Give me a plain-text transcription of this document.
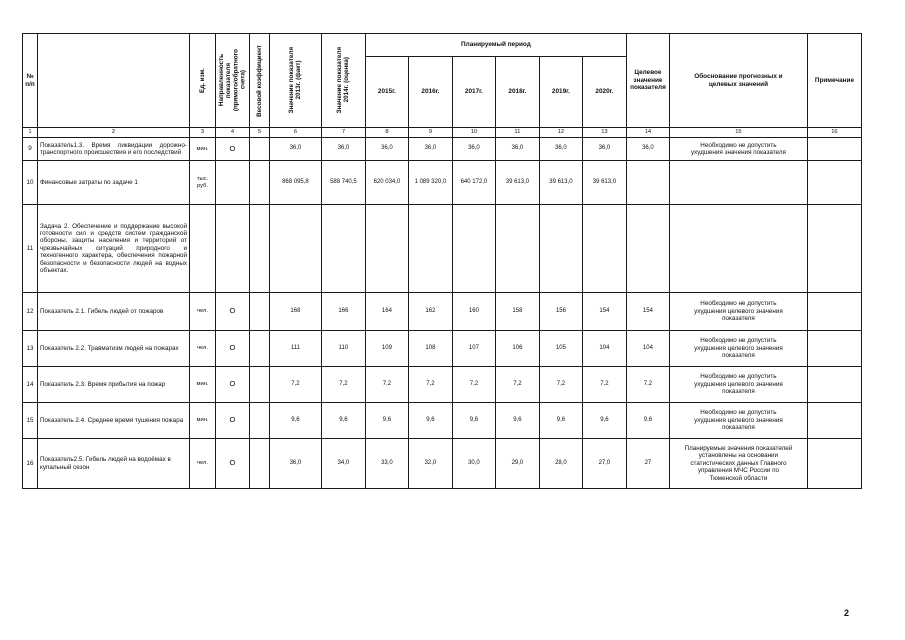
№
п/п		Ед. изм.	Направленность
показателя
(прямого/обратного
счета)	Весовой коэффициент	Значение показателя
2013г. (факт)	Значение показателя
2014г. (оценка)	Планируемый период						Целевое
значение
показателя	Обоснование прогнозных и
целевых значений	Примечание
							2015г.	2016г.	2017г.	2018г.	2019г.	2020г.			
1	2	3	4	5	6	7	8	9	10	11	12	13	14	15	16
9	Показатель1.3. Время ликвидации дорожно-транспортного происшествия и его последствий	мин.	О		36,0	36,0	36,0	36,0	36,0	36,0	36,0	36,0	36,0	Необходимо не допустить
ухудшения значения показателя	
10	Финансовые затраты по задаче 1	тыс.
руб.			868 095,8	588 740,5	620 034,0	1 089 320,0	640 172,0	39 613,0	39 613,0	39 613,0			
11	Задача 2. Обеспечение и поддержание высокой готовности сил и средств систем гражданской обороны, защиты населения и территорий от чрезвычайных ситуаций природного и техногенного характера, обеспечения пожарной безопасности и безопасности людей на водных объектах.														
12	Показатель 2.1. Гибель людей от пожаров	чел.	О		168	166	164	162	160	158	156	154	154	Необходимо не допустить
ухудшения целевого значения
показателя	
13	Показатель 2.2. Травматизм людей на пожарах	чел.	О		111	110	109	108	107	106	105	104	104	Необходимо не допустить
ухудшения целевого значения
показателя	
14	Показатель 2.3. Время прибытия на пожар	мин.	О		7,2	7,2	7,2	7,2	7,2	7,2	7,2	7,2	7,2	Необходимо не допустить
ухудшения целевого значения
показателя	
15	Показатель 2.4. Среднее время тушения пожара	мин.	О		9,6	9,6	9,6	9,6	9,6	9,6	9,6	9,6	9,6	Необходимо не допустить
ухудшения целевого значения
показателя	
16	Показатель2.5. Гибель людей на водоёмах в купальный сезон	чел.	О		36,0	34,0	33,0	32,0	30,0	29,0	28,0	27,0	27	Планируемые значения показателей
установлены на основании
статистических данных Главного
управления МЧС России по
Тюменской области	
2
